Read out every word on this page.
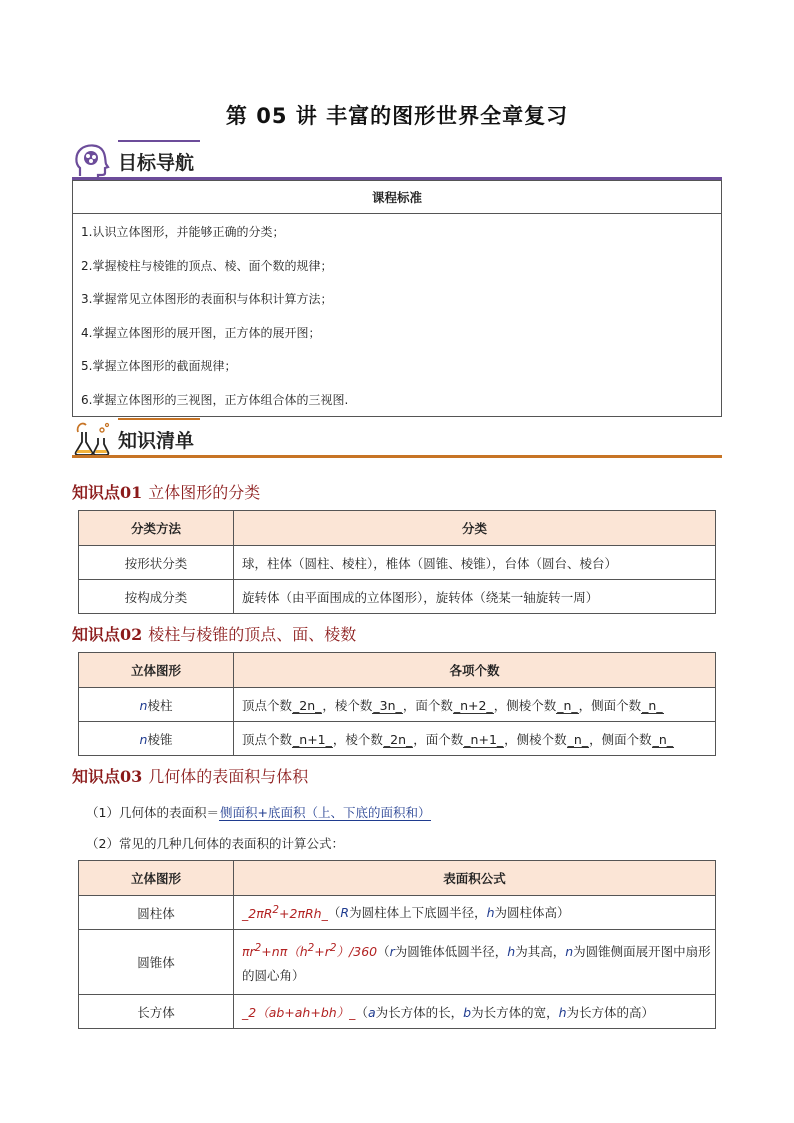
第 05 讲 丰富的图形世界全章复习
目标导航
课程标准
1.认识立体图形，并能够正确的分类；
2.掌握棱柱与棱锥的顶点、棱、面个数的规律；
3.掌握常见立体图形的表面积与体积计算方法；
4.掌握立体图形的展开图，正方体的展开图；
5.掌握立体图形的截面规律；
6.掌握立体图形的三视图，正方体组合体的三视图.
知识清单
知识点01 立体图形的分类
分类方法	分类
按形状分类	球，柱体（圆柱、棱柱），椎体（圆锥、棱锥），台体（圆台、棱台）
按构成分类	旋转体（由平面围成的立体图形），旋转体（绕某一轴旋转一周）
知识点02 棱柱与棱锥的顶点、面、棱数
立体图形	各项个数
n棱柱	顶点个数_2n_，棱个数_3n_，面个数_n+2_，侧棱个数_n_，侧面个数_n_
n棱锥	顶点个数_n+1_，棱个数_2n_，面个数_n+1_，侧棱个数_n_，侧面个数_n_
知识点03 几何体的表面积与体积
（1）几何体的表面积＝侧面积+底面积（上、下底的面积和）
（2）常见的几种几何体的表面积的计算公式：
立体图形	表面积公式
圆柱体	$\_2\pi R^2+2\pi Rh\_(R$为圆柱体上下底圆半径，h为圆柱体高）
圆锥体	$\pi r^2+n\pi(h^2+r^2)/360(r$为圆锥体低圆半径，h为其高，n为圆锥侧面展开图中扇形的圆心角）
长方体	_2（ab+ah+bh）_（a为长方体的长，b为长方体的宽，h为长方体的高）
